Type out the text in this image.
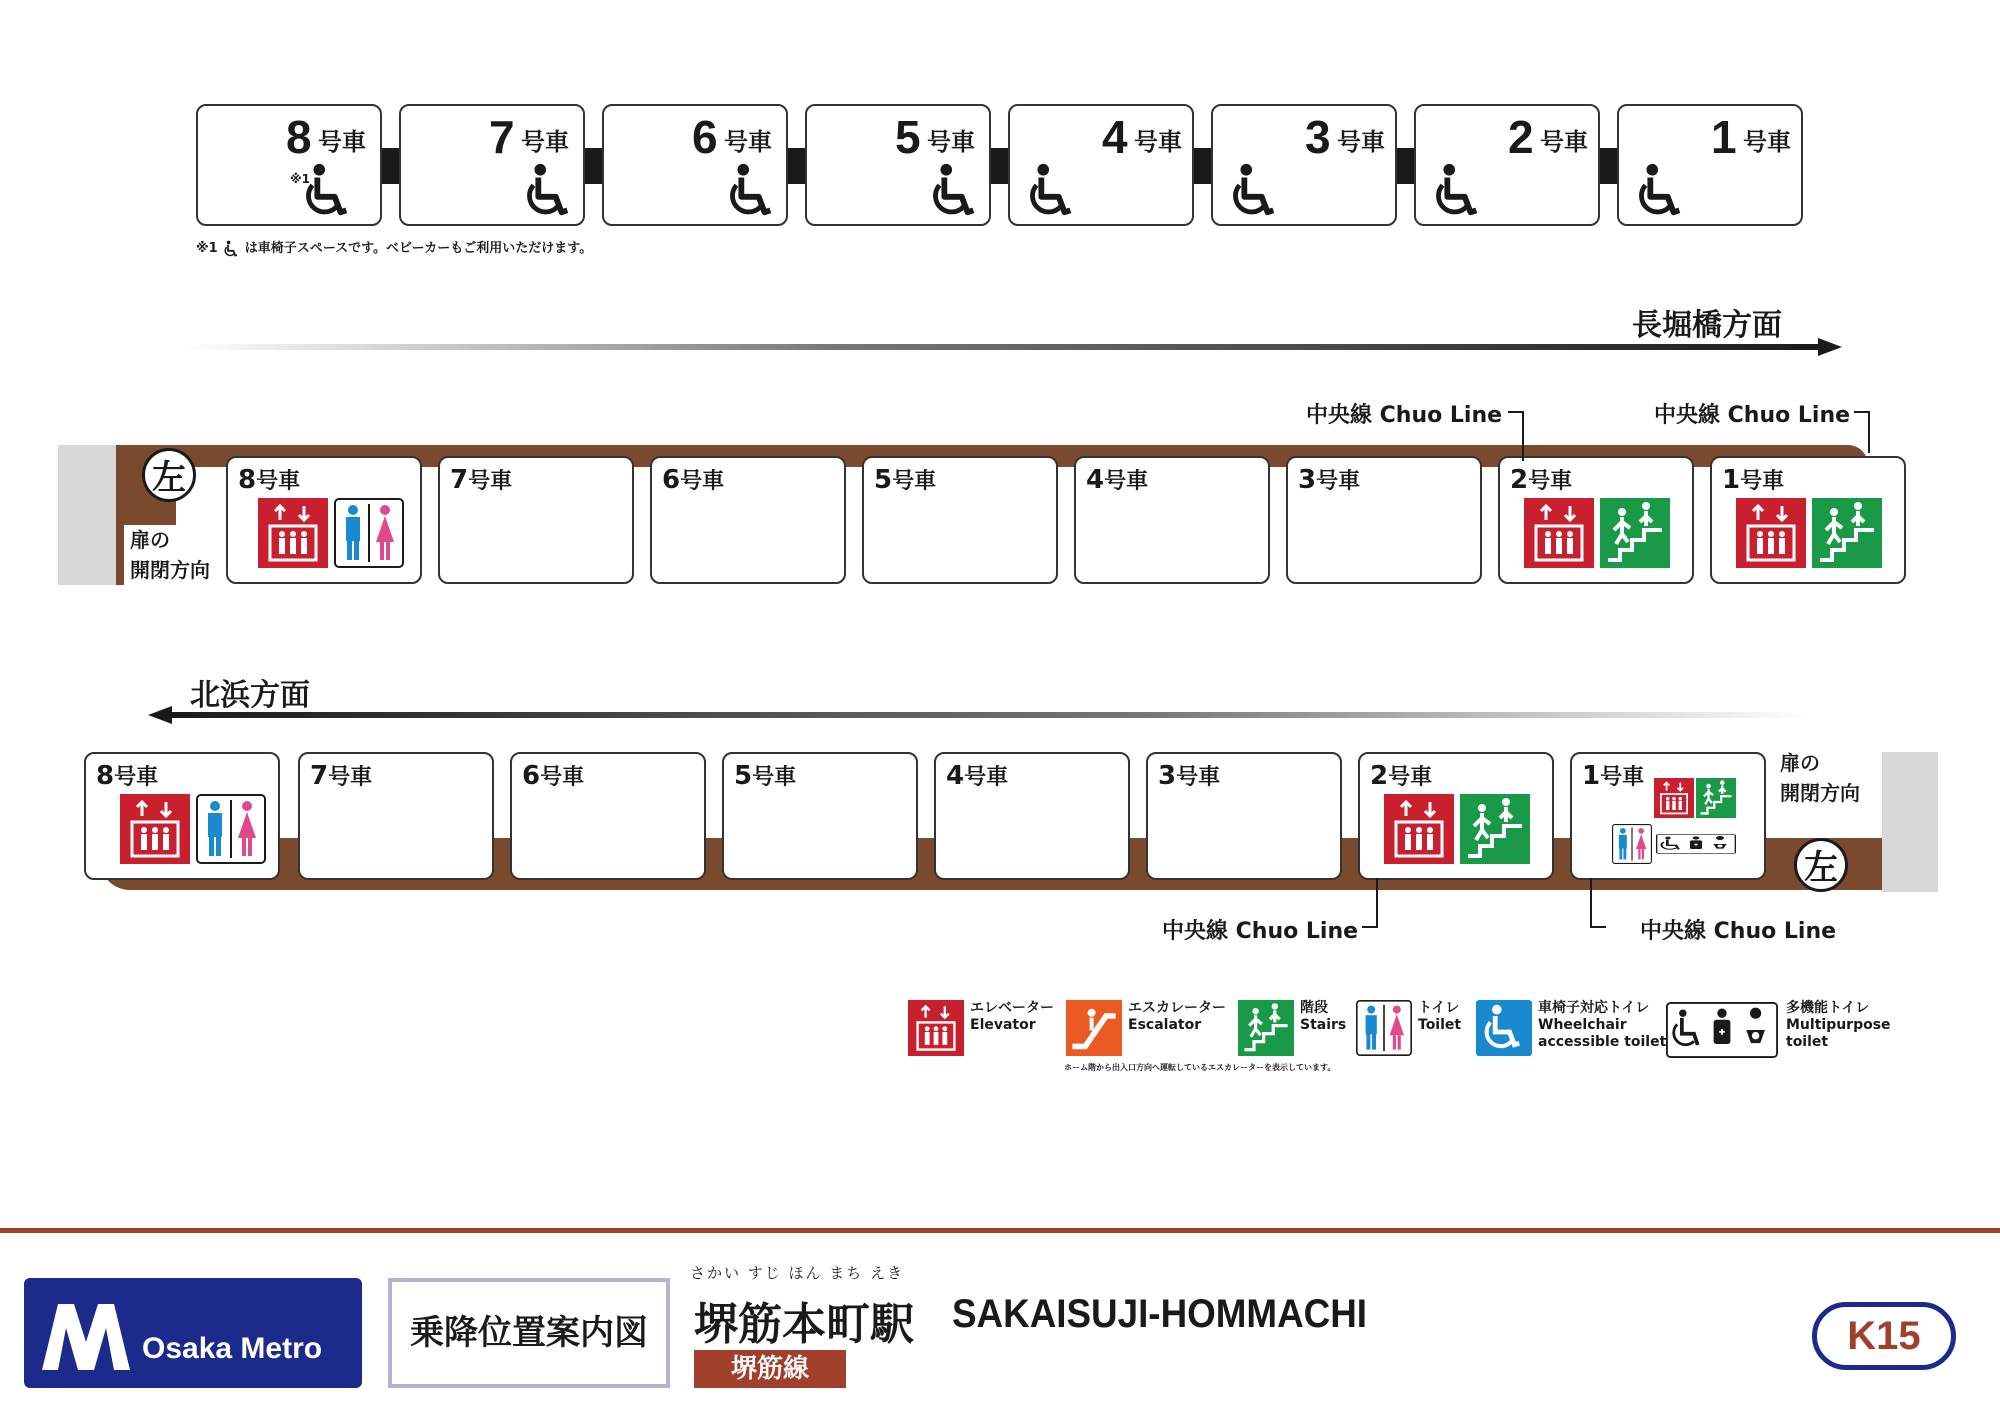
8 号車
※1
7 号車	6 号車	5 号車	4 号車	3 号車	2 号車	1 号車
※1 は車椅子スペースです。ベビーカーもご利用いただけます。
長堀橋方面
左
扉の
開閉方向
8号車	7号車	6号車	5号車	4号車	3号車	2号車	1号車
中央線 Chuo Line	中央線 Chuo Line
北浜方面
左
扉の
開閉方向
8号車	7号車	6号車	5号車	4号車	3号車	2号車	1号車
中央線 Chuo Line	中央線 Chuo Line
エレベーター
Elevator
エスカレーター
Escalator
ホーム階から出入口方向へ運転しているエスカレーターを表示しています。
階段
Stairs
トイレ
Toilet
車椅子対応トイレ
Wheelchair
accessible toilet
多機能トイレ
Multipurpose
toilet
Osaka Metro	乗降位置案内図
さかい すじ ほん まち えき
堺筋本町駅 SAKAISUJI-HOMMACHI
堺筋線
K15
